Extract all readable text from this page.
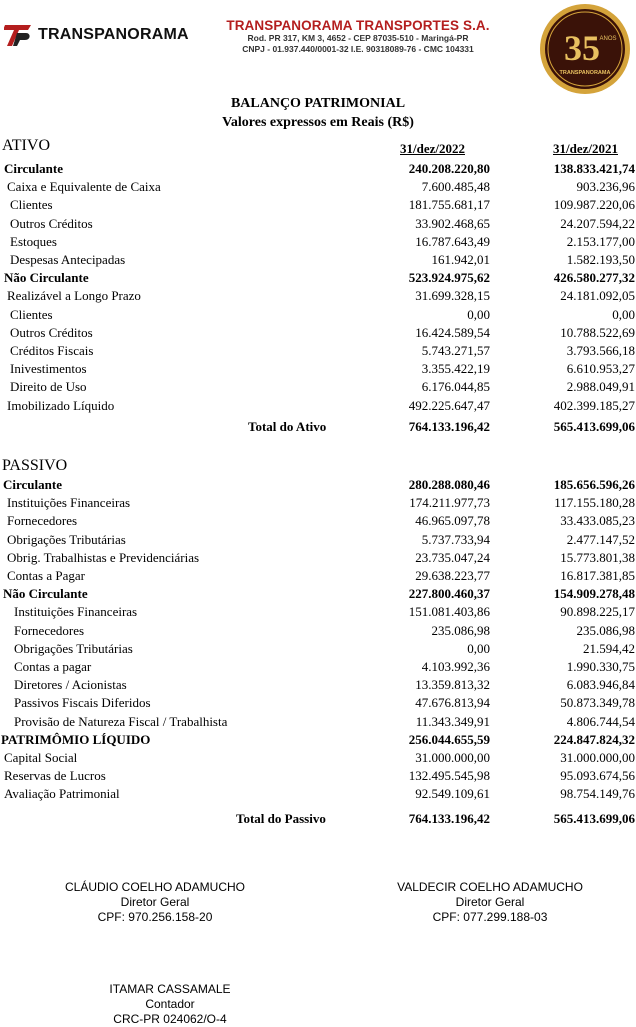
TRANSPANORAMA
TRANSPANORAMA TRANSPORTES S.A.
Rod. PR 317, KM 3, 4652 - CEP 87035-510 - Maringá-PR
CNPJ - 01.937.440/0001-32 I.E. 90318089-76 - CMC 104331	35 ANOS
TRANSPANORAMA
BALANÇO PATRIMONIAL
Valores expressos em Reais (R$)
ATIVO	31/dez/2022	31/dez/2021
Circulante	240.208.220,80	138.833.421,74
Caixa e Equivalente de Caixa	7.600.485,48	903.236,96
Clientes	181.755.681,17	109.987.220,06
Outros Créditos	33.902.468,65	24.207.594,22
Estoques	16.787.643,49	2.153.177,00
Despesas Antecipadas	161.942,01	1.582.193,50
Não Circulante	523.924.975,62	426.580.277,32
Realizável a Longo Prazo	31.699.328,15	24.181.092,05
Clientes	0,00	0,00
Outros Créditos	16.424.589,54	10.788.522,69
Créditos Fiscais	5.743.271,57	3.793.566,18
Inivestimentos	3.355.422,19	6.610.953,27
Direito de Uso	6.176.044,85	2.988.049,91
Imobilizado Líquido	492.225.647,47	402.399.185,27
Total do Ativo	764.133.196,42	565.413.699,06
Circulante	280.288.080,46	185.656.596,26
Instituições Financeiras	174.211.977,73	117.155.180,28
Fornecedores	46.965.097,78	33.433.085,23
Obrigações Tributárias	5.737.733,94	2.477.147,52
Obrig. Trabalhistas e Previdenciárias	23.735.047,24	15.773.801,38
Contas a Pagar	29.638.223,77	16.817.381,85
Não Circulante	227.800.460,37	154.909.278,48
Instituições Financeiras	151.081.403,86	90.898.225,17
Fornecedores	235.086,98	235.086,98
Obrigações Tributárias	0,00	21.594,42
Contas a pagar	4.103.992,36	1.990.330,75
Diretores / Acionistas	13.359.813,32	6.083.946,84
Passivos Fiscais Diferidos	47.676.813,94	50.873.349,78
Provisão de Natureza Fiscal / Trabalhista	11.343.349,91	4.806.744,54
PATRIMÔMIO LÍQUIDO	256.044.655,59	224.847.824,32
Capital Social	31.000.000,00	31.000.000,00
Reservas de Lucros	132.495.545,98	95.093.674,56
Avaliação Patrimonial	92.549.109,61	98.754.149,76
Total do Passivo	764.133.196,42	565.413.699,06
PASSIVO
CLÁUDIO COELHO ADAMUCHO
Diretor Geral
CPF: 970.256.158-20
VALDECIR COELHO ADAMUCHO
Diretor Geral
CPF: 077.299.188-03
ITAMAR CASSAMALE
Contador
CRC-PR 024062/O-4
